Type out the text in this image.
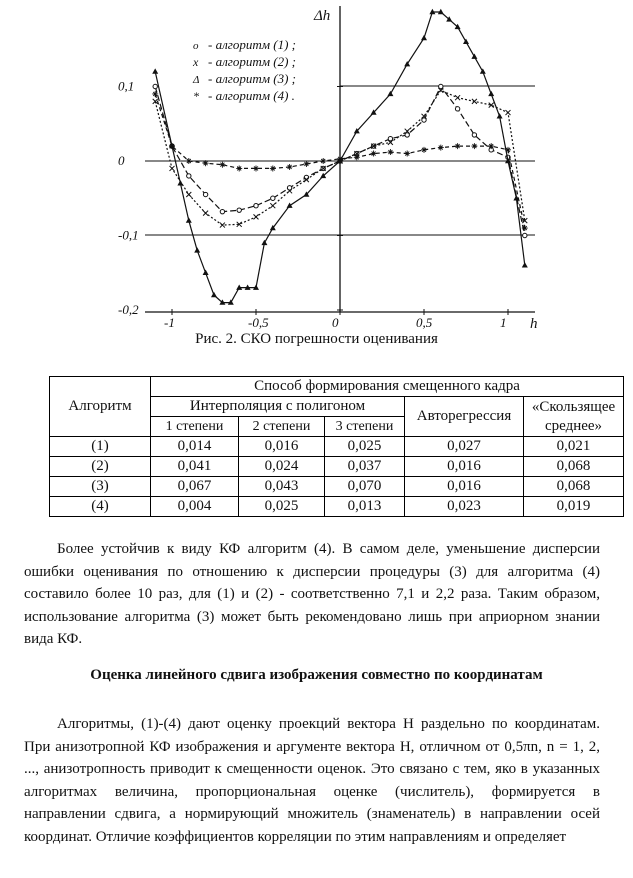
-1	-0,5	0	0,5	1
0,1
0
-0,1
-0,2
Δh
h
o - алгоритм (1) ;
x - алгоритм (2) ;
Δ - алгоритм (3) ;
* - алгоритм (4) .
Рис. 2. СКО погрешности оценивания
Алгоритм	Способ формирования смещенного кадра				
	Интерполяция с полигоном			Авторегрессия	«Скользящее
среднее»
	1 степени	2 степени	3 степени		
(1)	0,014	0,016	0,025	0,027	0,021
(2)	0,041	0,024	0,037	0,016	0,068
(3)	0,067	0,043	0,070	0,016	0,068
(4)	0,004	0,025	0,013	0,023	0,019

Более устойчив к виду КФ алгоритм (4). В самом деле, уменьшение дисперсии ошибки оценивания по отношению к дисперсии процедуры (3) для алгоритма (4) составило более 10 раз, для (1) и (2) - соответственно 7,1 и 2,2 раза. Таким образом, использование алгоритма (3) может быть рекомендовано лишь при априорном знании вида КФ.

Оценка линейного сдвига изображения совместно по координатам

Алгоритмы, (1)-(4) дают оценку проекций вектора H раздельно по координатам. При анизотропной КФ изображения и аргументе вектора H, отличном от 0,5πn, n = 1, 2, ..., анизотропность приводит к смещенности оценок. Это связано с тем, яко в указанных алгоритмах величина, пропорциональная оценке (числитель), формируется в направлении сдвига, а нормирующий множитель (знаменатель) в направлении осей координат. Отличие коэффициентов корреляции по этим направлениям и определяет
